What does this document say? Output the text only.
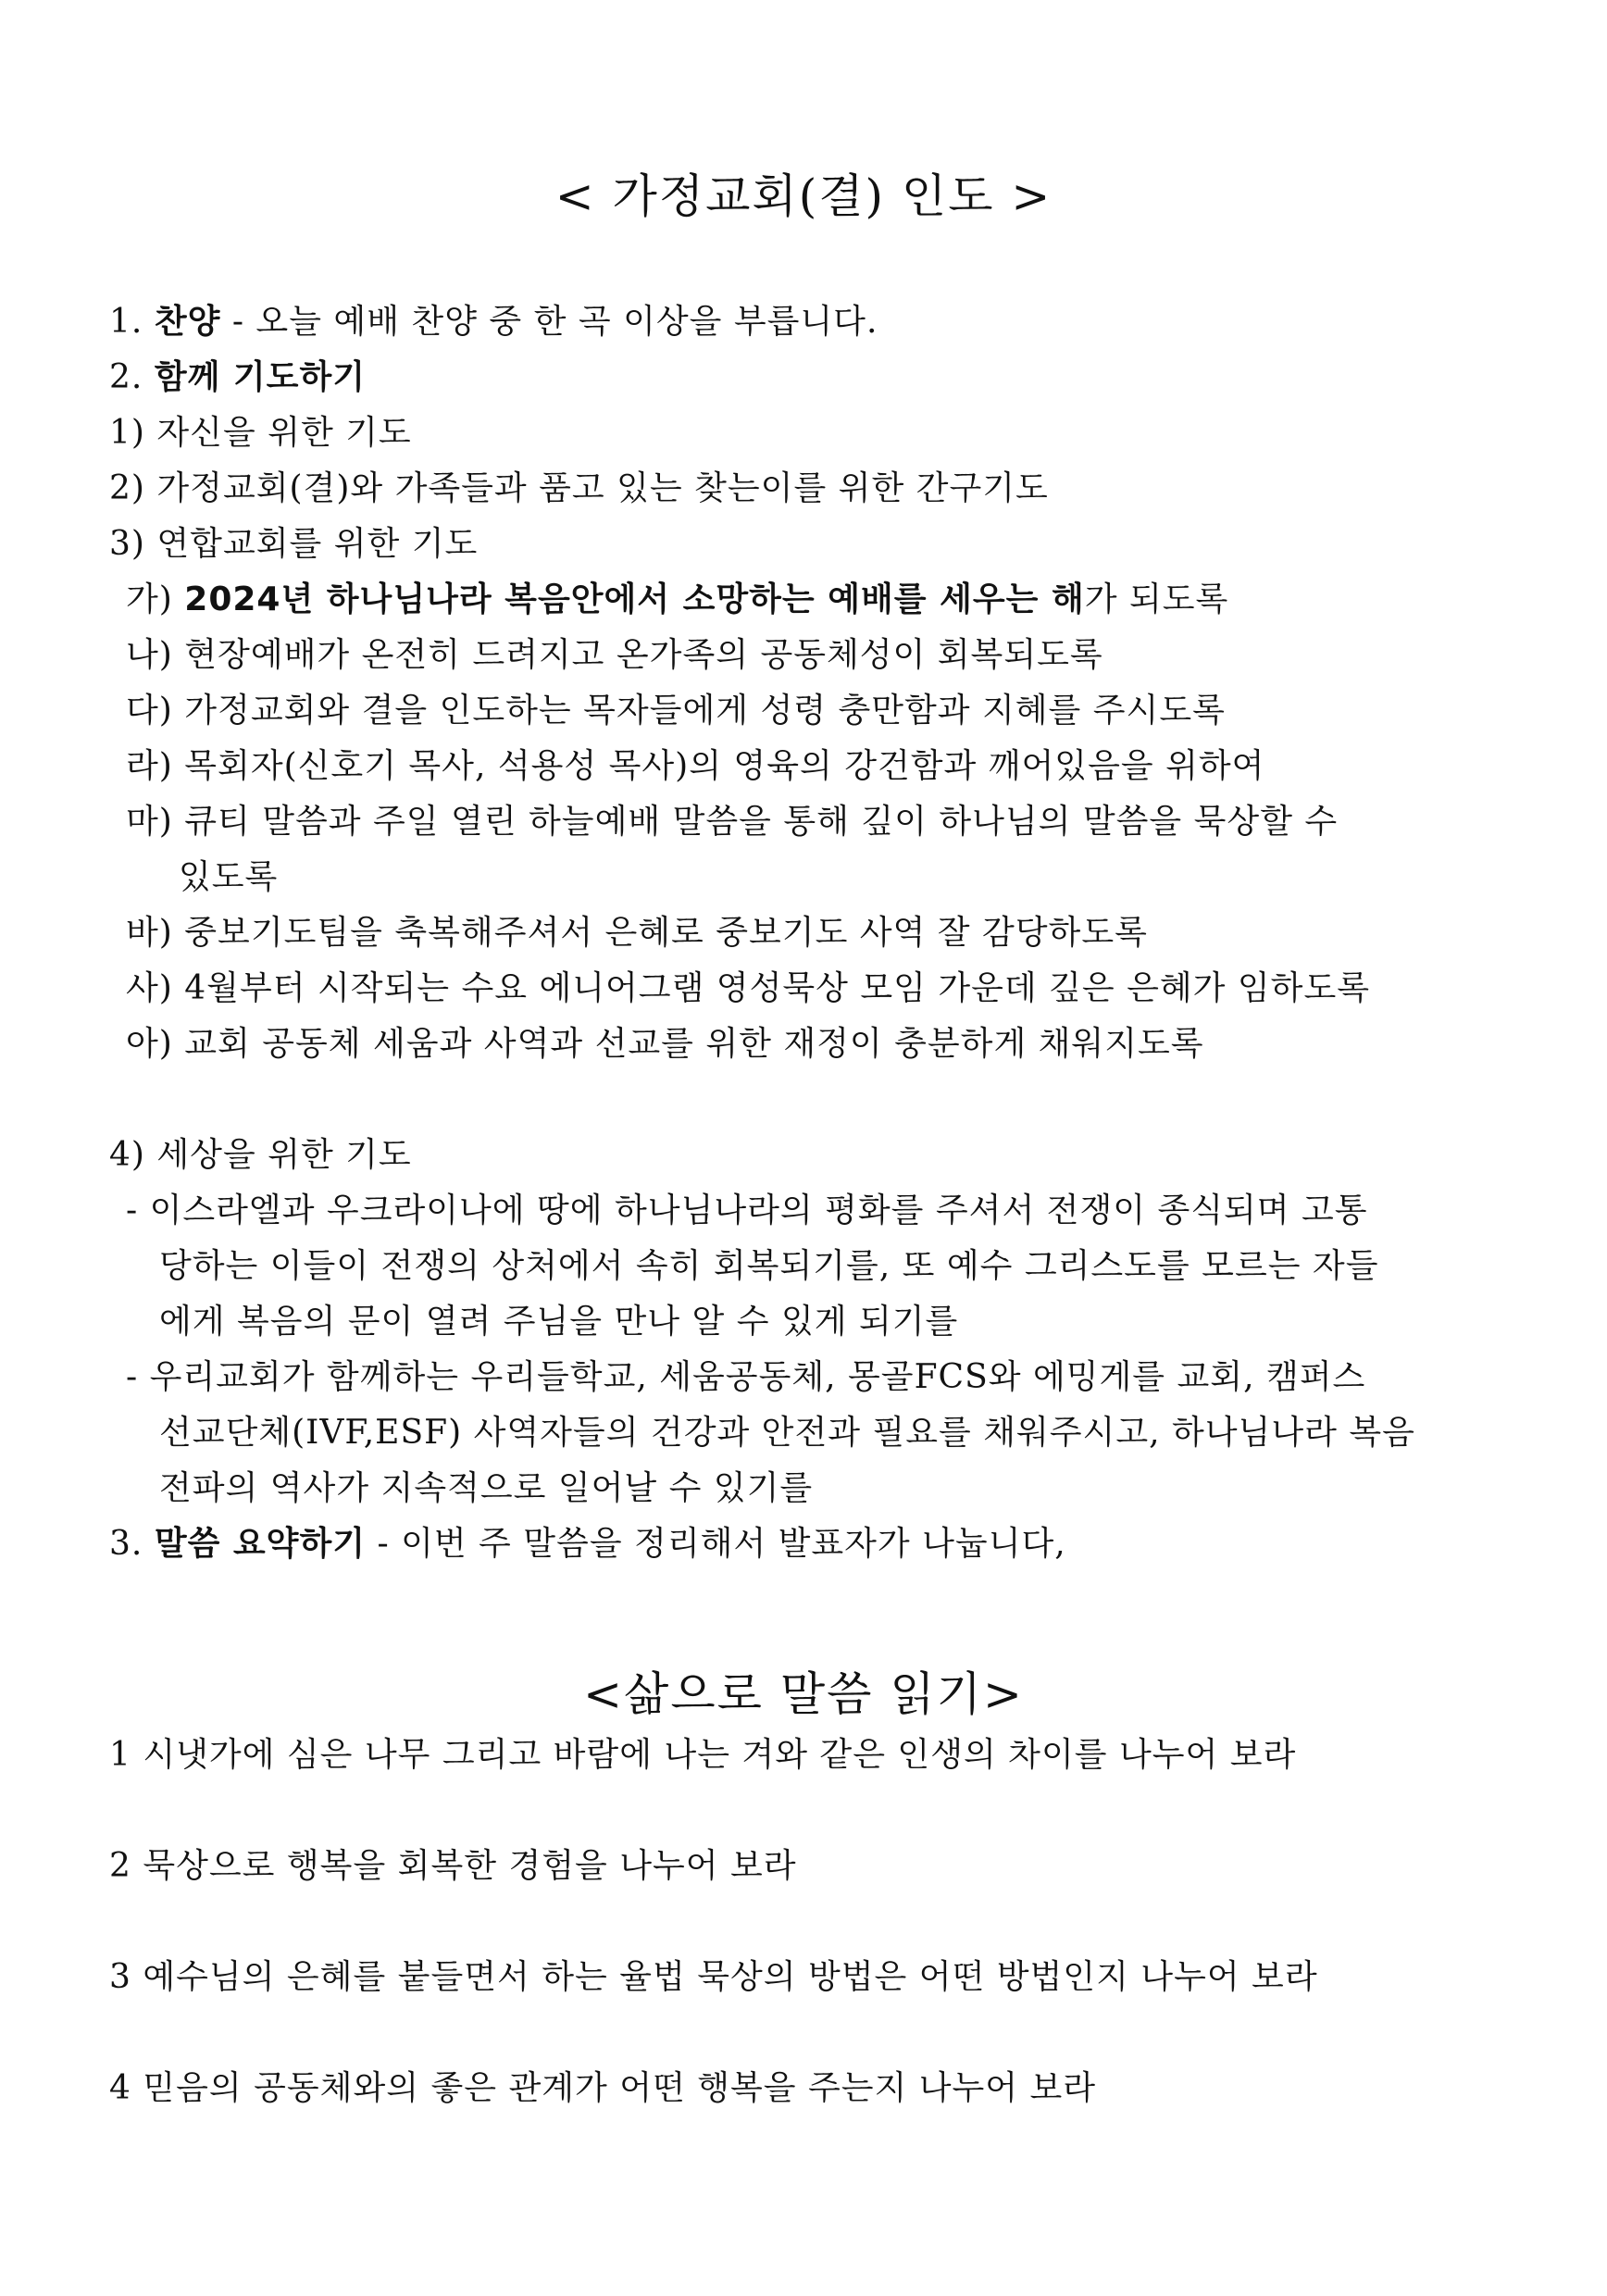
< 가정교회(결) 인도 >
1. 찬양 - 오늘 예배 찬양 중 한 곡 이상을 부릅니다.
2. 함께 기도하기
1) 자신을 위한 기도
2) 가정교회(결)와 가족들과 품고 있는 찾는이를 위한 간구기도
3) 연합교회를 위한 기도
가) 2024년 하나님나라 복음안에서 소망하는 예배를 세우는 해가 되도록
나) 현장예배가 온전히 드려지고 온가족의 공동체성이 회복되도록
다) 가정교회와 결을 인도하는 목자들에게 성령 충만함과 지혜를 주시도록
라) 목회자(신호기 목사, 석용성 목사)의 영육의 강건함과 깨어있음을 위하여
마) 큐티 말씀과 주일 열린 하늘예배 말씀을 통해 깊이 하나님의 말씀을 묵상할 수
있도록
바) 중보기도팀을 축복해주셔서 은혜로 중보기도 사역 잘 감당하도록
사) 4월부터 시작되는 수요 에니어그램 영성묵상 모임 가운데 깊은 은혜가 임하도록
아) 교회 공동체 세움과 사역과 선교를 위한 재정이 충분하게 채워지도록
4) 세상을 위한 기도
- 이스라엘과 우크라이나에 땅에 하나님나라의 평화를 주셔서 전쟁이 종식되며 고통
당하는 이들이 전쟁의 상처에서 속히 회복되기를, 또 예수 그리스도를 모르는 자들
에게 복음의 문이 열려 주님을 만나 알 수 있게 되기를
- 우리교회가 함께하는 우리들학교, 세움공동체, 몽골FCS와 에밍게를 교회, 캠퍼스
선교단체(IVF,ESF) 사역자들의 건강과 안전과 필요를 채워주시고, 하나님나라 복음
전파의 역사가 지속적으로 일어날 수 있기를
3. 말씀 요약하기 - 이번 주 말씀을 정리해서 발표자가 나눕니다,
<삶으로 말씀 읽기>
1 시냇가에 심은 나무 그리고 바람에 나는 겨와 같은 인생의 차이를 나누어 보라
2 묵상으로 행복을 회복한 경험을 나누어 보라
3 예수님의 은혜를 붙들면서 하는 율법 묵상의 방법은 어떤 방법인지 나누어 보라
4 믿음의 공동체와의 좋은 관계가 어떤 행복을 주는지 나누어 보라
